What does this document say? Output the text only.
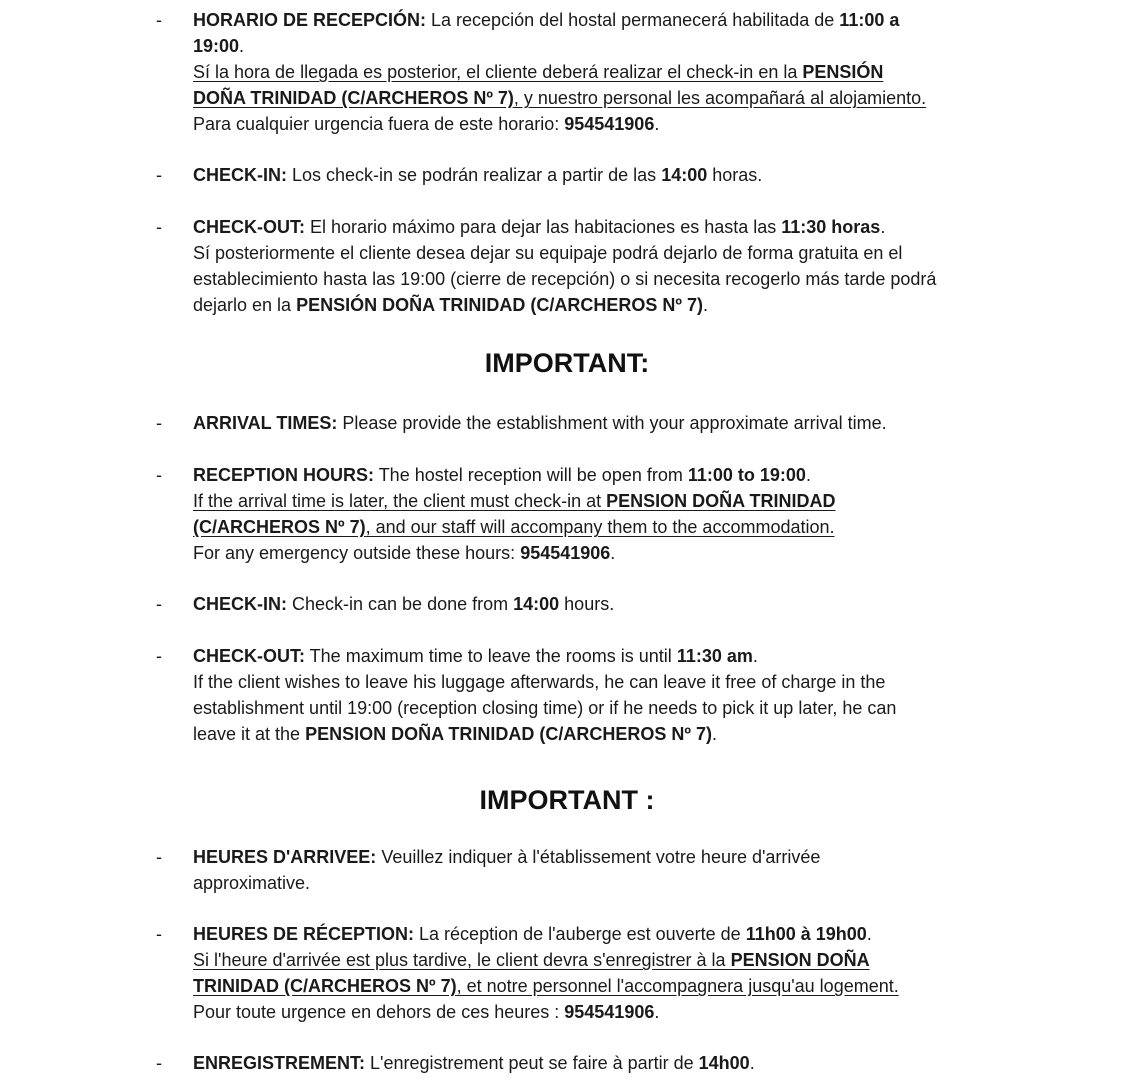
- HORARIO DE RECEPCIÓN: La recepción del hostal permanecerá habilitada de 11:00 a
19:00.
Sí la hora de llegada es posterior, el cliente deberá realizar el check-in en la PENSIÓN
DOÑA TRINIDAD (C/ARCHEROS Nº 7), y nuestro personal les acompañará al alojamiento.
Para cualquier urgencia fuera de este horario: 954541906.
- CHECK-IN: Los check-in se podrán realizar a partir de las 14:00 horas.
- CHECK-OUT: El horario máximo para dejar las habitaciones es hasta las 11:30 horas.
Sí posteriormente el cliente desea dejar su equipaje podrá dejarlo de forma gratuita en el
establecimiento hasta las 19:00 (cierre de recepción) o si necesita recogerlo más tarde podrá
dejarlo en la PENSIÓN DOÑA TRINIDAD (C/ARCHEROS Nº 7).
IMPORTANT:
- ARRIVAL TIMES: Please provide the establishment with your approximate arrival time.
- RECEPTION HOURS: The hostel reception will be open from 11:00 to 19:00.
If the arrival time is later, the client must check-in at PENSION DOÑA TRINIDAD
(C/ARCHEROS Nº 7), and our staff will accompany them to the accommodation.
For any emergency outside these hours: 954541906.
- CHECK-IN: Check-in can be done from 14:00 hours.
- CHECK-OUT: The maximum time to leave the rooms is until 11:30 am.
If the client wishes to leave his luggage afterwards, he can leave it free of charge in the
establishment until 19:00 (reception closing time) or if he needs to pick it up later, he can
leave it at the PENSION DOÑA TRINIDAD (C/ARCHEROS Nº 7).
IMPORTANT :
- HEURES D'ARRIVEE: Veuillez indiquer à l'établissement votre heure d'arrivée
approximative.
- HEURES DE RÉCEPTION: La réception de l'auberge est ouverte de 11h00 à 19h00.
Si l'heure d'arrivée est plus tardive, le client devra s'enregistrer à la PENSION DOÑA
TRINIDAD (C/ARCHEROS Nº 7), et notre personnel l'accompagnera jusqu'au logement.
Pour toute urgence en dehors de ces heures : 954541906.
- ENREGISTREMENT: L'enregistrement peut se faire à partir de 14h00.
